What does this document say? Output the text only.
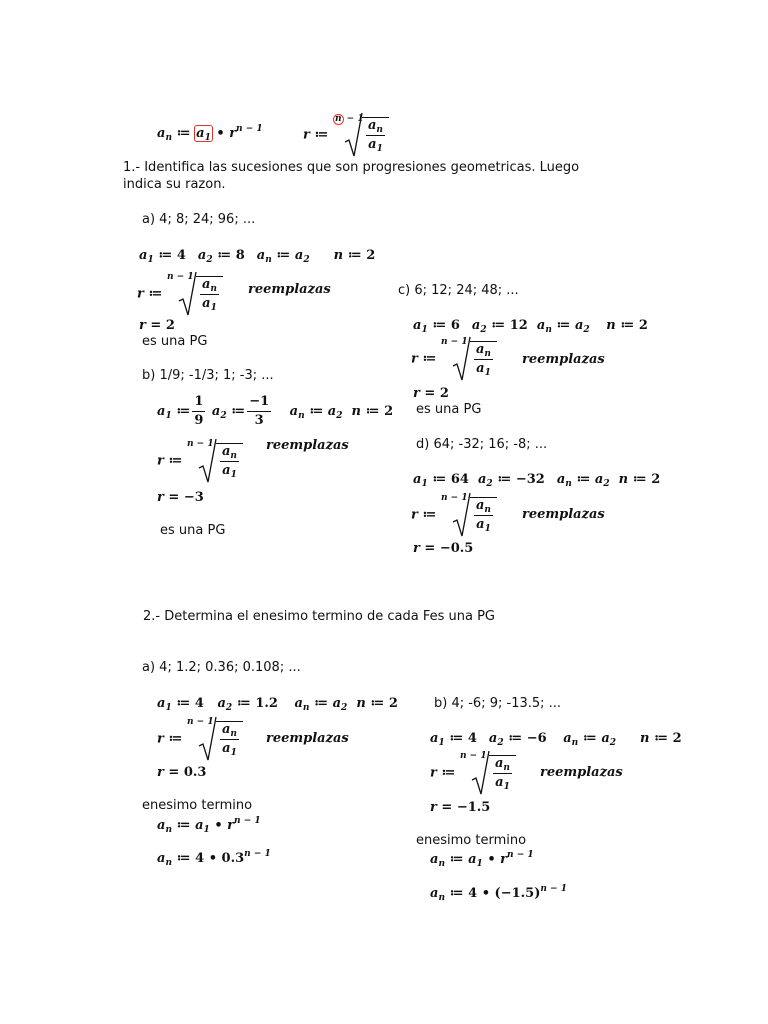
$a_n$ ≔ $a_1$ • $r^{n - 1}$	r ≔
$n - 1 \frac{a_n}{a_1}$
1.- Identifica las sucesiones que son progresiones geometricas. Luego
indica su razon.
a) 4; 8; 24; 96; ...
$a_1$ ≔ 4 $a_2$ ≔ 8 $a_n$ ≔ $a_2$ n ≔ 2
r ≔
$n - 1 \frac{a_n}{a_1}$ reemplazas
r = 2
es una PG
b) 1/9; -1/3; 1; -3; ...
$a_1$ ≔ $\frac{1}{9} a_2$ ≔ $\frac{-1}{3} a_n$ ≔ $a_2$  n ≔ 2
r ≔
$n - 1 \frac{a_n}{a_1}$ reemplazas
r = −3
es una PG
c) 6; 12; 24; 48; ...
$a_1$ ≔ 6 $a_2$ ≔ 12  $a_n$ ≔ $a_2$ n ≔ 2
r ≔
$n - 1 \frac{a_n}{a_1}$ reemplazas
r = 2
es una PG
d) 64; -32; 16; -8; ...
$a_1$ ≔ 64  $a_2$ ≔ −32 $a_n$ ≔ $a_2$  n ≔ 2
r ≔
$n - 1 \frac{a_n}{a_1}$ reemplazas
r = −0.5
2.- Determina el enesimo termino de cada Fes una PG
a) 4; 1.2; 0.36; 0.108; ...
$a_1$ ≔ 4   $a_2$ ≔ 1.2 $a_n$ ≔ $a_2$  n ≔ 2
r ≔
$n - 1 \frac{a_n}{a_1}$ reemplazas
r = 0.3
enesimo termino
$a_n$ ≔ $a_1$ • $r^{n - 1}$
$a_n$ ≔ 4 • $0.3^{n - 1}$
b) 4; -6; 9; -13.5; ...
$a_1$ ≔ 4 $a_2$ ≔ −6 $a_n$ ≔ $a_2$ n ≔ 2
r ≔
$n - 1 \frac{a_n}{a_1}$ reemplazas
r = −1.5
enesimo termino
$a_n$ ≔ $a_1$ • $r^{n - 1}$
$a_n$ ≔ 4 • $(-1.5)^{n - 1}$
